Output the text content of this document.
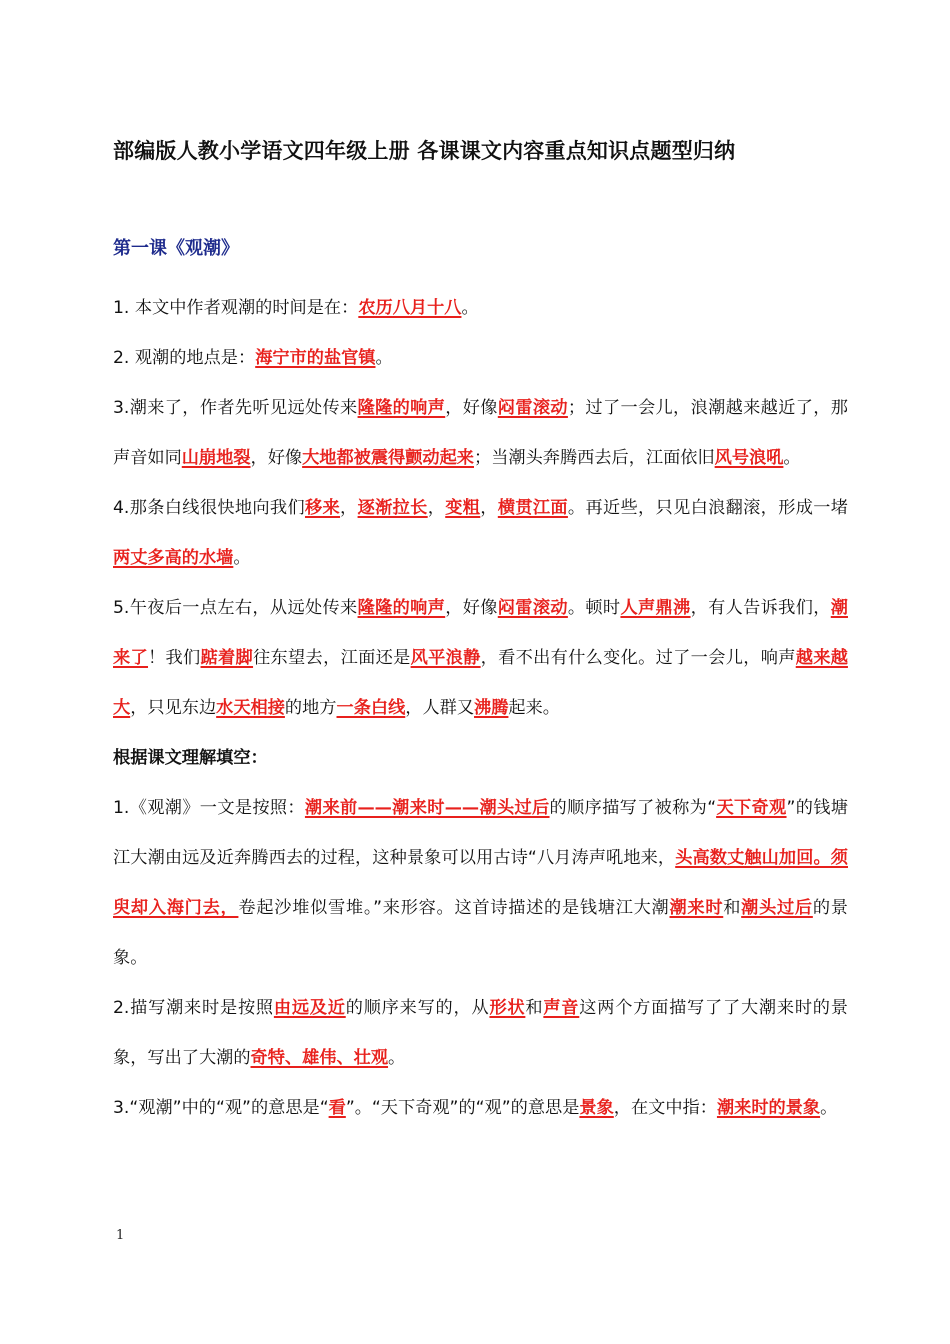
部编版人教小学语文四年级上册 各课课文内容重点知识点题型归纳
第一课《观潮》

1. 本文中作者观潮的时间是在：农历八月十八。

2. 观潮的地点是：海宁市的盐官镇。

3.潮来了，作者先听见远处传来隆隆的响声，好像闷雷滚动；过了一会儿，浪潮越来越近了，那声音如同山崩地裂，好像大地都被震得颤动起来；当潮头奔腾西去后，江面依旧风号浪吼。

4.那条白线很快地向我们移来，逐渐拉长，变粗，横贯江面。再近些，只见白浪翻滚，形成一堵两丈多高的水墙。

5.午夜后一点左右，从远处传来隆隆的响声，好像闷雷滚动。顿时人声鼎沸，有人告诉我们，潮来了！我们踮着脚往东望去，江面还是风平浪静，看不出有什么变化。过了一会儿，响声越来越大，只见东边水天相接的地方一条白线，人群又沸腾起来。

根据课文理解填空：

1.《观潮》一文是按照：潮来前——潮来时——潮头过后的顺序描写了被称为“天下奇观”的钱塘江大潮由远及近奔腾西去的过程，这种景象可以用古诗“八月涛声吼地来，头高数丈触山加回。须臾却入海门去，卷起沙堆似雪堆。”来形容。这首诗描述的是钱塘江大潮潮来时和潮头过后的景象。

2.描写潮来时是按照由远及近的顺序来写的，从形状和声音这两个方面描写了了大潮来时的景象，写出了大潮的奇特、雄伟、壮观。

3.“观潮”中的“观”的意思是“看”。“天下奇观”的“观”的意思是景象，在文中指：潮来时的景象。

1
